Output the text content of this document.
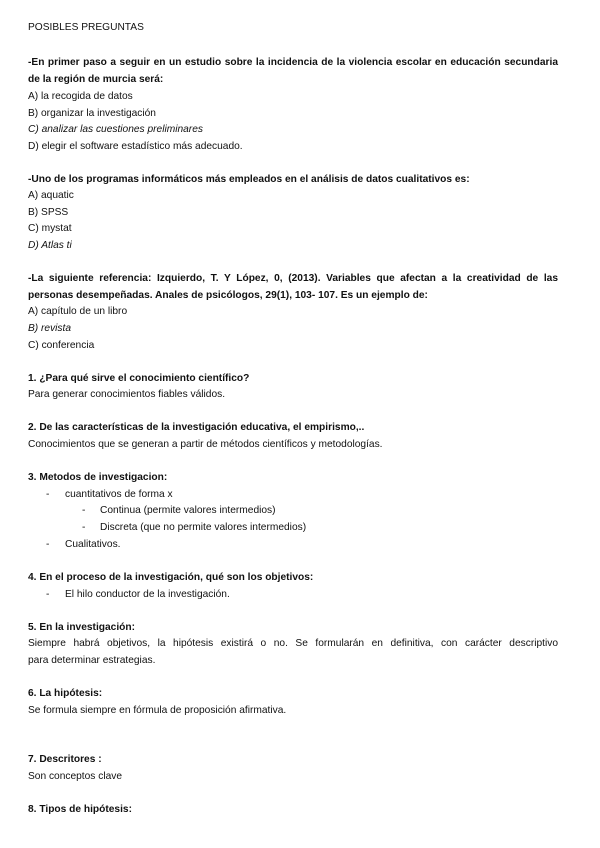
POSIBLES PREGUNTAS
-En primer paso a seguir en un estudio sobre la incidencia de la violencia escolar en educación secundaria
de la región de murcia será:
A) la recogida de datos
B) organizar la investigación
C) analizar las cuestiones preliminares
D) elegir el software estadístico más adecuado.
-Uno de los programas informáticos más empleados en el análisis de datos cualitativos es:
A) aquatic
B) SPSS
C) mystat
D) Atlas ti
-La siguiente referencia: Izquierdo, T. Y López, 0, (2013). Variables que afectan a la creatividad de las
personas desempeñadas. Anales de psicólogos, 29(1), 103- 107. Es un ejemplo de:
A) capítulo de un libro
B) revista
C) conferencia
1. ¿Para qué sirve el conocimiento científico?
Para generar conocimientos fiables válidos.
2. De las características de la investigación educativa, el empirismo,..
Conocimientos que se generan a partir de métodos científicos y metodologías.
3. Metodos de investigacion:
- cuantitativos de forma x
- Continua (permite valores intermedios)
- Discreta (que no permite valores intermedios)
- Cualitativos.
4. En el proceso de la investigación, qué son los objetivos:
- El hilo conductor de la investigación.
5. En la investigación:
Siempre habrá objetivos, la hipótesis existirá o no. Se formularán en definitiva, con carácter descriptivo
para determinar estrategias.
6. La hipótesis:
Se formula siempre en fórmula de proposición afirmativa.
7. Descritores :
Son conceptos clave
8. Tipos de hipótesis:
